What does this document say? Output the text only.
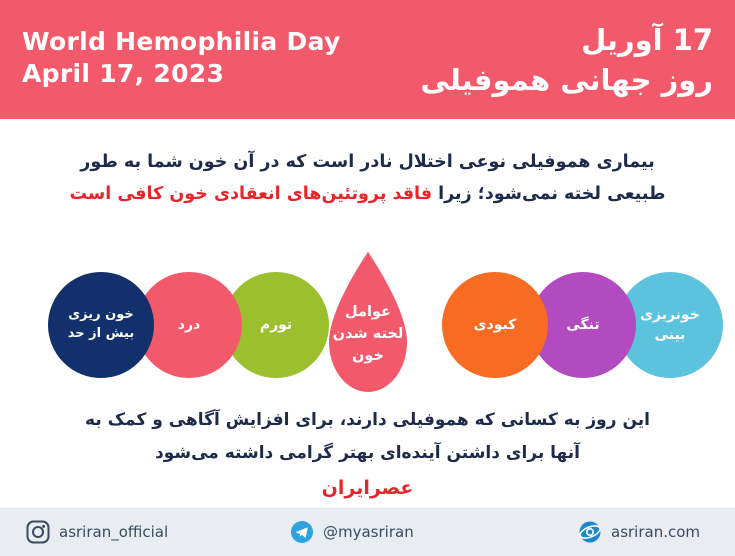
World Hemophilia Day
April 17, 2023
17 آوریل
روز جهانی هموفیلی
بیماری هموفیلی نوعی اختلال نادر است که در آن خون شما به طور طبیعی لخته نمی‌شود؛ زیرا فاقد پروتئین‌های انعقادی خون کافی است
خون ریزی بیش از حد
درد	تورم	کبودی	تنگی
خونریزی بینی
عوامل
لخته شدن
خون
این روز به کسانی که هموفیلی دارند، برای افزایش آگاهی و کمک به
آنها برای داشتن آینده‌ای بهتر گرامی داشته می‌شود
عصرایران
asriran_official	@myasriran	asriran.com
